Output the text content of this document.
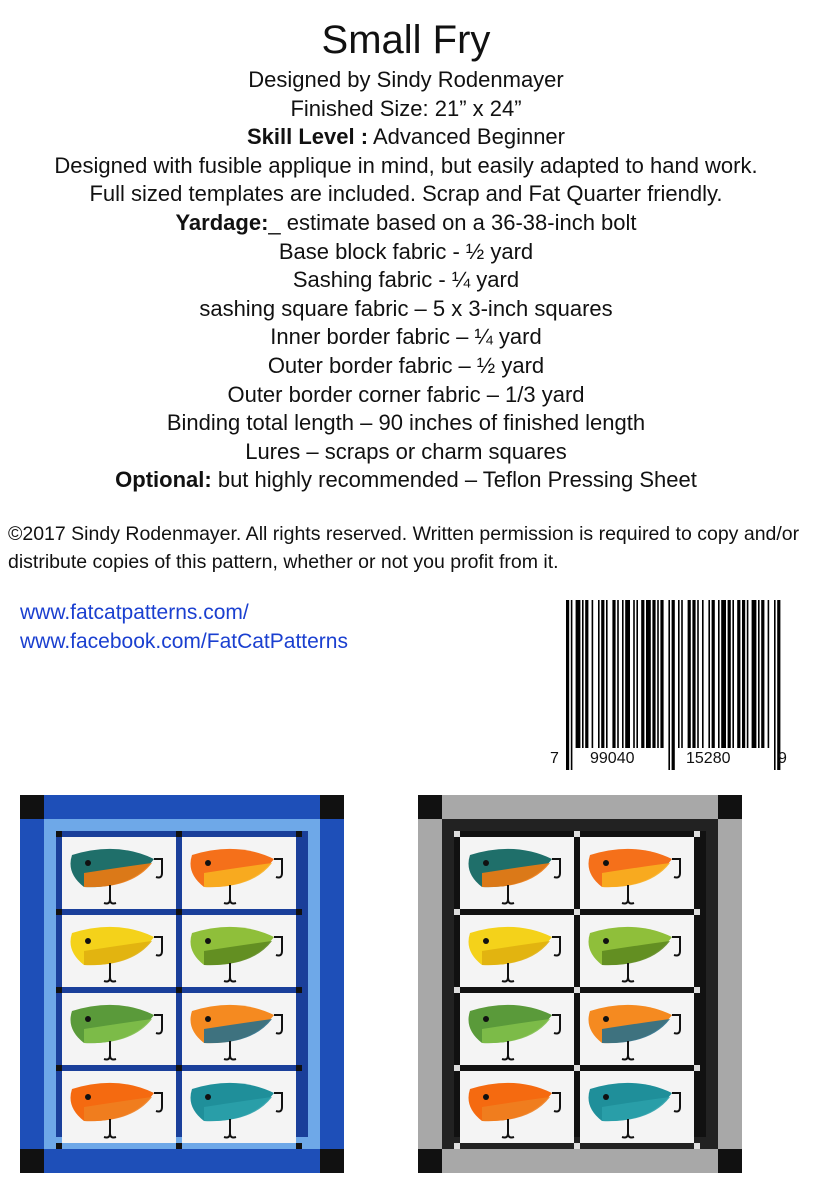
Small Fry
Designed by Sindy Rodenmayer
Finished Size: 21” x 24”
Skill Level : Advanced Beginner
Designed with fusible applique in mind, but easily adapted to hand work.
Full sized templates are included. Scrap and Fat Quarter friendly.
Yardage:_ estimate based on a 36-38-inch bolt
Base block fabric - ½ yard
Sashing fabric - ¼ yard
sashing square fabric – 5 x 3-inch squares
Inner border fabric – ¼ yard
Outer border fabric – ½ yard
Outer border corner fabric – 1/3 yard
Binding total length – 90 inches of finished length
Lures – scraps or charm squares
Optional: but highly recommended – Teflon Pressing Sheet
©2017 Sindy Rodenmayer. All rights reserved. Written permission is required to copy and/or distribute copies of this pattern, whether or not you profit from it.
www.fatcatpatterns.com/
www.facebook.com/FatCatPatterns
7 99040	15280	9
